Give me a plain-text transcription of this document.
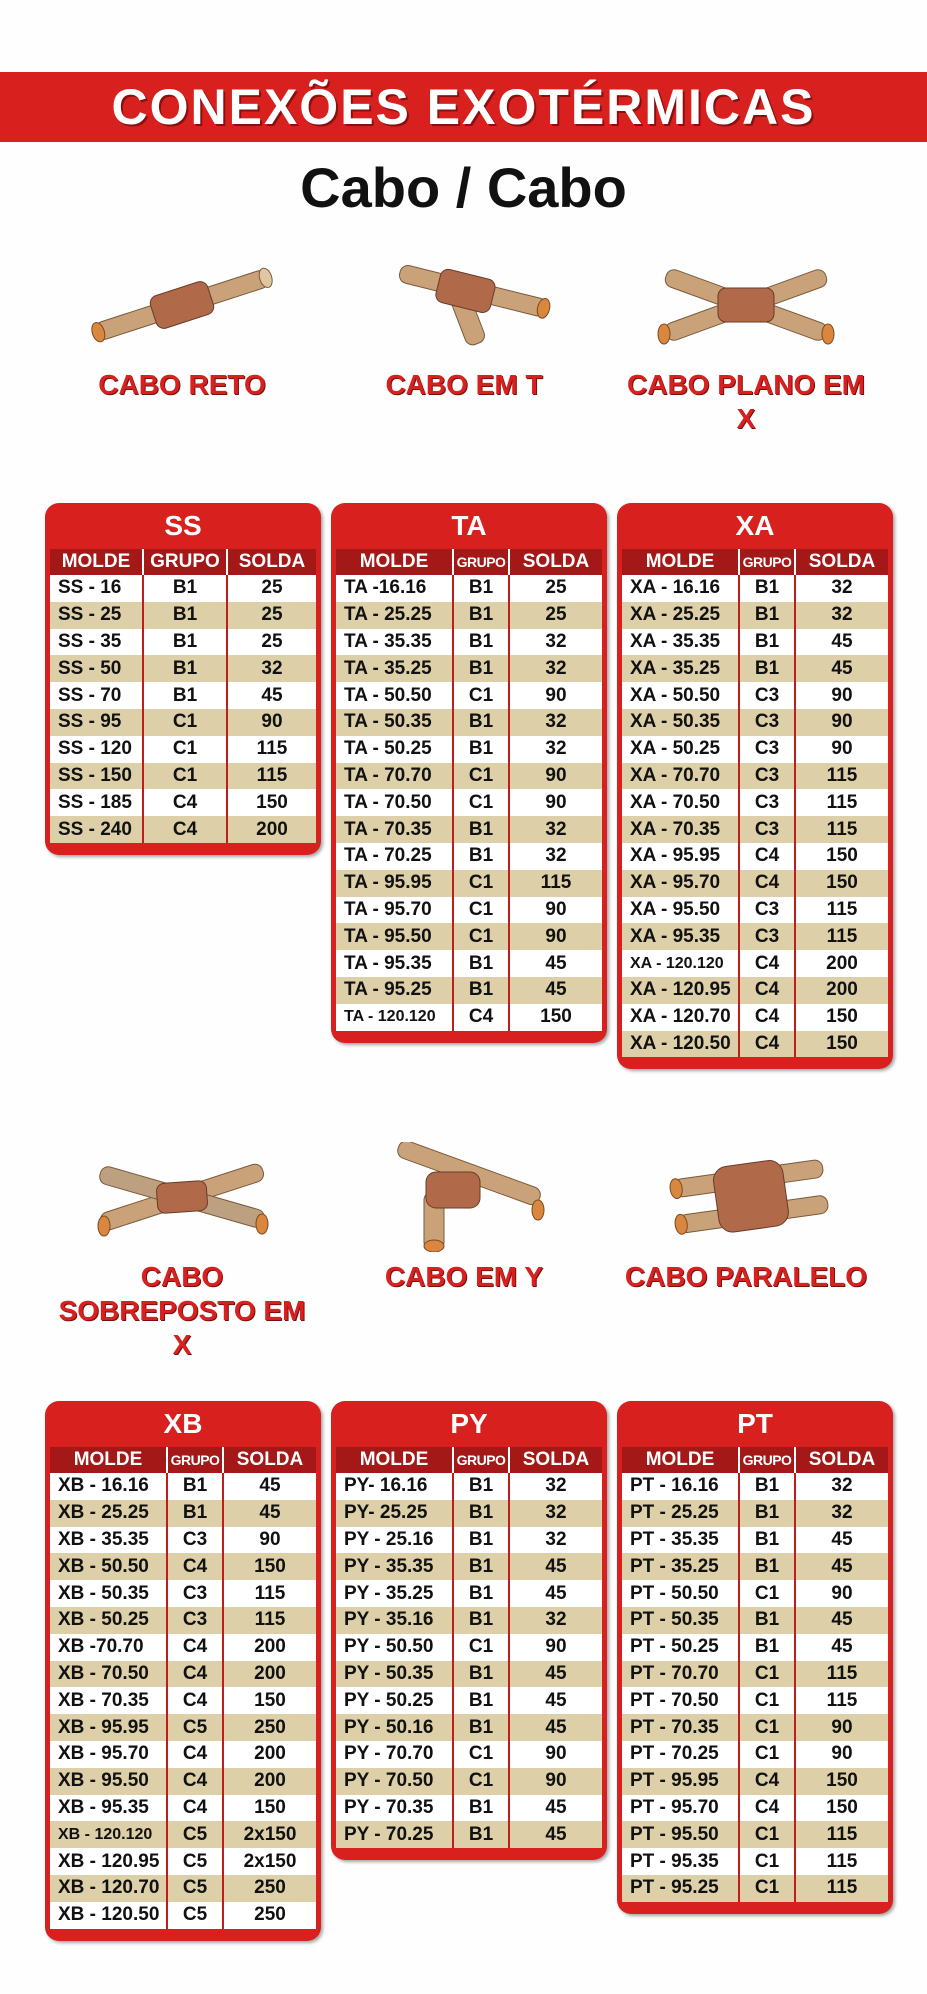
CONEXÕES EXOTÉRMICAS
Cabo / Cabo
CABO RETO	CABO EM T	CABO PLANO EM X
SS
MOLDE	GRUPO	SOLDA
SS - 16	B1	25
SS - 25	B1	25
SS - 35	B1	25
SS - 50	B1	32
SS - 70	B1	45
SS - 95	C1	90
SS - 120	C1	115
SS - 150	C1	115
SS - 185	C4	150
SS - 240	C4	200
TA
MOLDE	GRUPO	SOLDA
TA -16.16	B1	25
TA - 25.25	B1	25
TA - 35.35	B1	32
TA - 35.25	B1	32
TA - 50.50	C1	90
TA - 50.35	B1	32
TA - 50.25	B1	32
TA - 70.70	C1	90
TA - 70.50	C1	90
TA - 70.35	B1	32
TA - 70.25	B1	32
TA - 95.95	C1	115
TA - 95.70	C1	90
TA - 95.50	C1	90
TA - 95.35	B1	45
TA - 95.25	B1	45
TA - 120.120	C4	150
XA
MOLDE	GRUPO	SOLDA
XA - 16.16	B1	32
XA - 25.25	B1	32
XA - 35.35	B1	45
XA - 35.25	B1	45
XA - 50.50	C3	90
XA - 50.35	C3	90
XA - 50.25	C3	90
XA - 70.70	C3	115
XA - 70.50	C3	115
XA - 70.35	C3	115
XA - 95.95	C4	150
XA - 95.70	C4	150
XA - 95.50	C3	115
XA - 95.35	C3	115
XA - 120.120	C4	200
XA - 120.95	C4	200
XA - 120.70	C4	150
XA - 120.50	C4	150
CABO SOBREPOSTO EM X
CABO EM Y	CABO PARALELO
XB
MOLDE	GRUPO	SOLDA
XB - 16.16	B1	45
XB - 25.25	B1	45
XB - 35.35	C3	90
XB - 50.50	C4	150
XB - 50.35	C3	115
XB - 50.25	C3	115
XB -70.70	C4	200
XB - 70.50	C4	200
XB - 70.35	C4	150
XB - 95.95	C5	250
XB - 95.70	C4	200
XB - 95.50	C4	200
XB - 95.35	C4	150
XB - 120.120	C5	2x150
XB - 120.95	C5	2x150
XB - 120.70	C5	250
XB - 120.50	C5	250
PY
MOLDE	GRUPO	SOLDA
PY- 16.16	B1	32
PY- 25.25	B1	32
PY - 25.16	B1	32
PY - 35.35	B1	45
PY - 35.25	B1	45
PY - 35.16	B1	32
PY - 50.50	C1	90
PY - 50.35	B1	45
PY - 50.25	B1	45
PY - 50.16	B1	45
PY - 70.70	C1	90
PY - 70.50	C1	90
PY - 70.35	B1	45
PY - 70.25	B1	45
PT
MOLDE	GRUPO	SOLDA
PT - 16.16	B1	32
PT - 25.25	B1	32
PT - 35.35	B1	45
PT - 35.25	B1	45
PT - 50.50	C1	90
PT - 50.35	B1	45
PT - 50.25	B1	45
PT - 70.70	C1	115
PT - 70.50	C1	115
PT - 70.35	C1	90
PT - 70.25	C1	90
PT - 95.95	C4	150
PT - 95.70	C4	150
PT - 95.50	C1	115
PT - 95.35	C1	115
PT - 95.25	C1	115
